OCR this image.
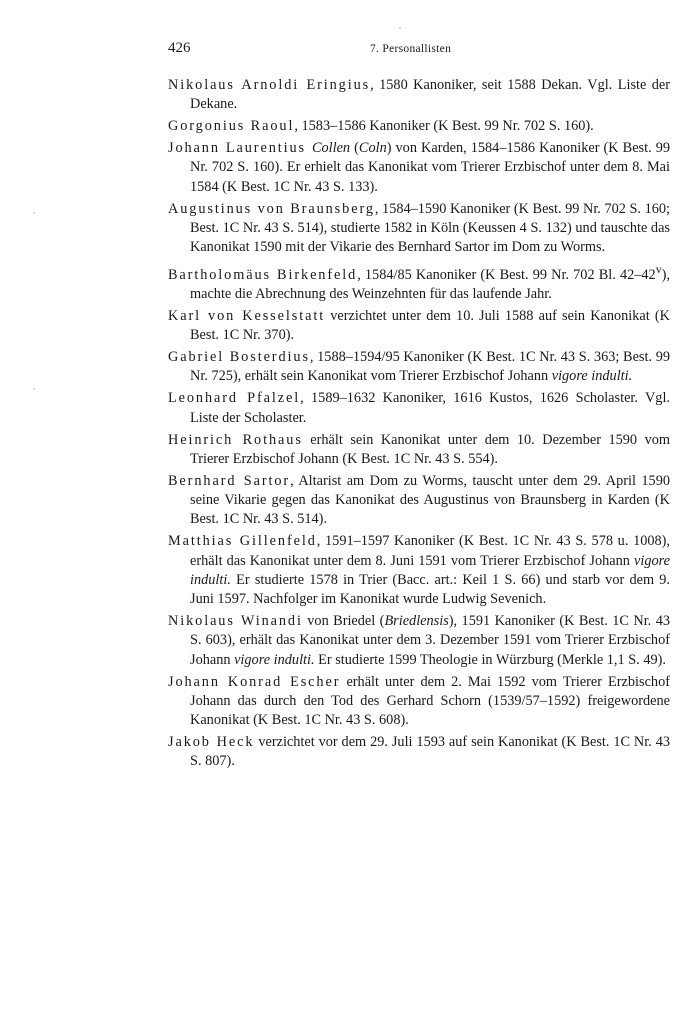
426	7. Personallisten

Nikolaus Arnoldi Eringius, 1580 Kanoniker, seit 1588 Dekan. Vgl. Liste der Dekane.

Gorgonius Raoul, 1583–1586 Kanoniker (K Best. 99 Nr. 702 S. 160).

Johann Laurentius Collen (Coln) von Karden, 1584–1586 Kanoniker (K Best. 99 Nr. 702 S. 160). Er erhielt das Kanonikat vom Trierer Erzbischof unter dem 8. Mai 1584 (K Best. 1C Nr. 43 S. 133).

Augustinus von Braunsberg, 1584–1590 Kanoniker (K Best. 99 Nr. 702 S. 160; Best. 1C Nr. 43 S. 514), studierte 1582 in Köln (Keussen 4 S. 132) und tauschte das Kanonikat 1590 mit der Vikarie des Bernhard Sartor im Dom zu Worms.

Bartholomäus Birkenfeld, 1584/85 Kanoniker (K Best. 99 Nr. 702 Bl. 42–42$^v$), machte die Abrechnung des Weinzehnten für das laufende Jahr.

Karl von Kesselstatt verzichtet unter dem 10. Juli 1588 auf sein Kanonikat (K Best. 1C Nr. 370).

Gabriel Bosterdius, 1588–1594/95 Kanoniker (K Best. 1C Nr. 43 S. 363; Best. 99 Nr. 725), erhält sein Kanonikat vom Trierer Erzbischof Johann vigore indulti.

Leonhard Pfalzel, 1589–1632 Kanoniker, 1616 Kustos, 1626 Scholaster. Vgl. Liste der Scholaster.

Heinrich Rothaus erhält sein Kanonikat unter dem 10. Dezember 1590 vom Trierer Erzbischof Johann (K Best. 1C Nr. 43 S. 554).

Bernhard Sartor, Altarist am Dom zu Worms, tauscht unter dem 29. April 1590 seine Vikarie gegen das Kanonikat des Augustinus von Braunsberg in Karden (K Best. 1C Nr. 43 S. 514).

Matthias Gillenfeld, 1591–1597 Kanoniker (K Best. 1C Nr. 43 S. 578 u. 1008), erhält das Kanonikat unter dem 8. Juni 1591 vom Trierer Erzbischof Johann vigore indulti. Er studierte 1578 in Trier (Bacc. art.: Keil 1 S. 66) und starb vor dem 9. Juni 1597. Nachfolger im Kanonikat wurde Ludwig Sevenich.

Nikolaus Winandi von Briedel (Briedlensis), 1591 Kanoniker (K Best. 1C Nr. 43 S. 603), erhält das Kanonikat unter dem 3. Dezember 1591 vom Trierer Erzbischof Johann vigore indulti. Er studierte 1599 Theologie in Würzburg (Merkle 1,1 S. 49).

Johann Konrad Escher erhält unter dem 2. Mai 1592 vom Trierer Erzbischof Johann das durch den Tod des Gerhard Schorn (1539/57–1592) freigewordene Kanonikat (K Best. 1C Nr. 43 S. 608).

Jakob Heck verzichtet vor dem 29. Juli 1593 auf sein Kanonikat (K Best. 1C Nr. 43 S. 807).
